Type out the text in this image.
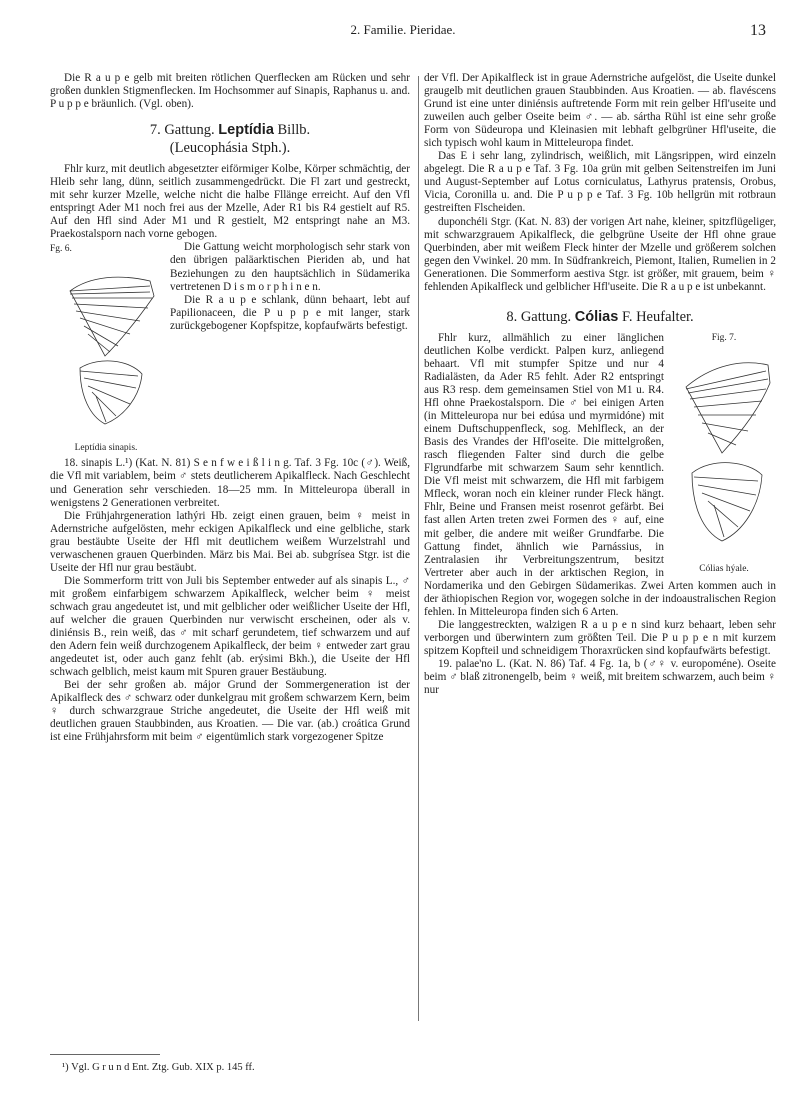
2. Familie. Pieridae.	13

Die R a u p e gelb mit breiten rötlichen Querflecken am Rücken und sehr großen dunklen Stigmenflecken. Im Hochsommer auf Sinapis, Raphanus u. and. P u p p e bräunlich. (Vgl. oben).

7. Gattung. Leptídia Billb.
(Leucophásia Stph.).

Fhlr kurz, mit deutlich abgesetzter eiförmiger Kolbe, Körper schmächtig, der Hleib sehr lang, dünn, seitlich zusammengedrückt. Die Fl zart und gestreckt, mit sehr kurzer Mzelle, welche nicht die halbe Fllänge erreicht. Auf den Vfl entspringt Ader M1 noch frei aus der Mzelle, Ader R1 bis R4 gestielt auf R5. Auf den Hfl sind Ader M1 und R gestielt, M2 entspringt nahe an M3. Praekostalsporn nach vorne gebogen.

Fg. 6.
Leptídia sinapis.

Die Gattung weicht morphologisch sehr stark von den übrigen paläarktischen Pieriden ab, und hat Beziehungen zu den hauptsächlich in Südamerika vertretenen D i s m o r p h i n e n.

Die R a u p e schlank, dünn behaart, lebt auf Papilionaceen, die P u p p e mit langer, stark zurückgebogener Kopfspitze, kopfaufwärts befestigt.

18. sinapis L.¹) (Kat. N. 81) S e n f w e i ß l i n g. Taf. 3 Fg. 10c (♂). Weiß, die Vfl mit variablem, beim ♂ stets deutlicherem Apikalfleck. Nach Geschlecht und Generation sehr verschieden. 18—25 mm. In Mitteleuropa überall in wenigstens 2 Generationen verbreitet.

Die Frühjahrgeneration lathýri Hb. zeigt einen grauen, beim ♀ meist in Adernstriche aufgelösten, mehr eckigen Apikalfleck und eine gelbliche, stark grau bestäubte Useite der Hfl mit deutlichem weißem Wurzelstrahl und verwaschenen grauen Querbinden. März bis Mai. Bei ab. subgrísea Stgr. ist die Useite der Hfl nur grau bestäubt.

Die Sommerform tritt von Juli bis September entweder auf als sinapis L., ♂ mit großem einfarbigem schwarzem Apikalfleck, welcher beim ♀ meist schwach grau angedeutet ist, und mit gelblicher oder weißlicher Useite der Hfl, auf welcher die grauen Querbinden nur verwischt erscheinen, oder als v. diniénsis B., rein weiß, das ♂ mit scharf gerundetem, tief schwarzem und auf den Adern fein weiß durchzogenem Apikalfleck, der beim ♀ entweder zart grau angedeutet ist, oder auch ganz fehlt (ab. erýsimi Bkh.), die Useite der Hfl schwach gelblich, meist kaum mit Spuren grauer Bestäubung.

Bei der sehr großen ab. májor Grund der Sommergeneration ist der Apikalfleck des ♂ schwarz oder dunkelgrau mit großem schwarzem Kern, beim ♀ durch schwarzgraue Striche angedeutet, die Useite der Hfl weiß mit deutlichen grauen Staubbinden, aus Kroatien. — Die var. (ab.) croática Grund ist eine Frühjahrsform mit beim ♂ eigentümlich stark vorgezogener Spitze

¹) Vgl. G r u n d Ent. Ztg. Gub. XIX p. 145 ff.

der Vfl. Der Apikalfleck ist in graue Adernstriche aufgelöst, die Useite dunkel graugelb mit deutlichen grauen Staubbinden. Aus Kroatien. — ab. flavéscens Grund ist eine unter diniénsis auftretende Form mit rein gelber Hfl'useite und zuweilen auch gelber Oseite beim ♂. — ab. sártha Rühl ist eine sehr große Form von Südeuropa und Kleinasien mit lebhaft gelbgrüner Hfl'useite, die sich typisch wohl kaum in Mitteleuropa findet.

Das E i sehr lang, zylindrisch, weißlich, mit Längsrippen, wird einzeln abgelegt. Die R a u p e Taf. 3 Fg. 10a grün mit gelben Seitenstreifen im Juni und August-September auf Lotus corniculatus, Lathyrus pratensis, Orobus, Vicia, Coronilla u. and. Die P u p p e Taf. 3 Fg. 10b hellgrün mit rotbraun gestreiften Flscheiden.

duponchéli Stgr. (Kat. N. 83) der vorigen Art nahe, kleiner, spitzflügeliger, mit schwarzgrauem Apikalfleck, die gelbgrüne Useite der Hfl ohne graue Querbinden, aber mit weißem Fleck hinter der Mzelle und größerem solchen gegen den Vwinkel. 20 mm. In Südfrankreich, Piemont, Italien, Rumelien in 2 Generationen. Die Sommerform aestiva Stgr. ist größer, mit grauem, beim ♀ fehlenden Apikalfleck und gelblicher Hfl'useite. Die R a u p e ist unbekannt.

8. Gattung. Cólias F. Heufalter.
Fig. 7.
Cólias hýale.

Fhlr kurz, allmählich zu einer länglichen deutlichen Kolbe verdickt. Palpen kurz, anliegend behaart. Vfl mit stumpfer Spitze und nur 4 Radialästen, da Ader R5 fehlt. Ader R2 entspringt aus R3 resp. dem gemeinsamen Stiel von M1 u. R4. Hfl ohne Praekostalsporn. Die ♂ bei einigen Arten (in Mitteleuropa nur bei edúsa und myrmidóne) mit einem Duftschuppenfleck, sog. Mehlfleck, an der Basis des Vrandes der Hfl'oseite. Die mittelgroßen, rasch fliegenden Falter sind durch die gelbe Flgrundfarbe mit schwarzem Saum sehr kenntlich. Die Vfl meist mit schwarzem, die Hfl mit farbigem Mfleck, woran noch ein kleiner runder Fleck hängt. Fhlr, Beine und Fransen meist rosenrot gefärbt. Bei fast allen Arten treten zwei Formen des ♀ auf, eine mit gelber, die andere mit weißer Grundfarbe. Die Gattung findet, ähnlich wie Parnássius, in Zentralasien ihr Verbreitungszentrum, besitzt Vertreter aber auch in der arktischen Region, in Nordamerika und den Gebirgen Südamerikas. Zwei Arten kommen auch in der äthiopischen Region vor, wogegen solche in der indoaustralischen Region fehlen. In Mitteleuropa finden sich 6 Arten.

Die langgestreckten, walzigen R a u p e n sind kurz behaart, leben sehr verborgen und überwintern zum größten Teil. Die P u p p e n mit kurzem spitzem Kopfteil und schneidigem Thoraxrücken sind kopfaufwärts befestigt.

19. palae'no L. (Kat. N. 86) Taf. 4 Fg. 1a, b (♂♀ v. europoméne). Oseite beim ♂ blaß zitronengelb, beim ♀ weiß, mit breitem schwarzem, auch beim ♀ nur
